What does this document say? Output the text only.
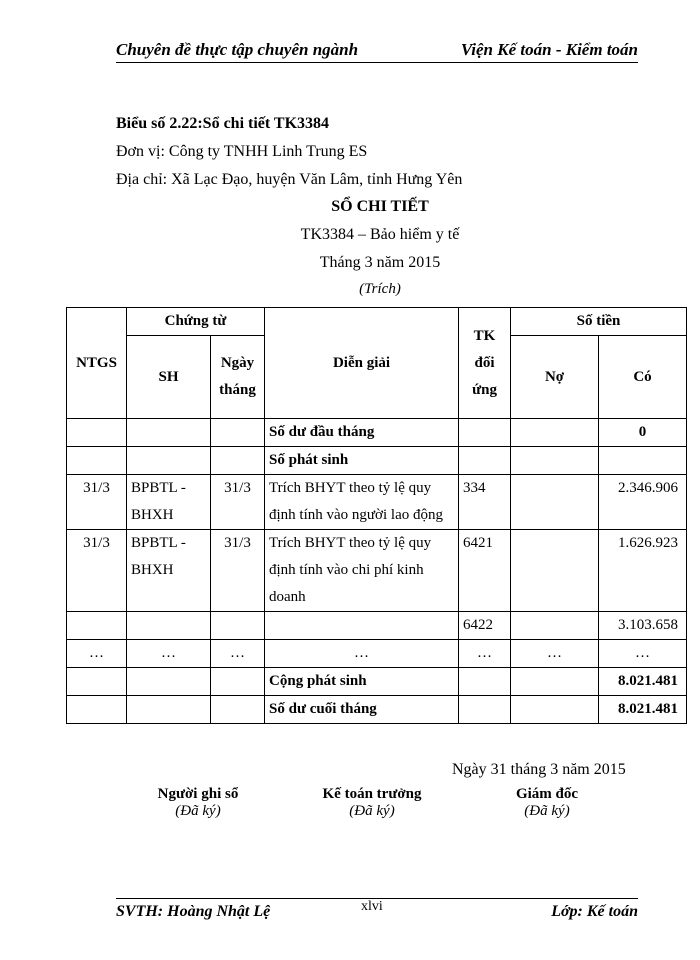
Chuyên đề thực tập chuyên ngành	Viện Kế toán - Kiểm toán
Biểu số 2.22:Sổ chi tiết TK3384
Đơn vị: Công ty TNHH Linh Trung ES
Địa chỉ: Xã Lạc Đạo, huyện Văn Lâm, tỉnh Hưng Yên
SỔ CHI TIẾT
TK3384 – Bảo hiểm y tế
Tháng 3 năm 2015
(Trích)
NTGS	Chứng từ		Diễn giải	TK đối ứng	Số tiền	
	SH	Ngày tháng			Nợ	Có
			Số dư đầu tháng			0
			Số phát sinh			
31/3	BPBTL - BHXH	31/3	Trích BHYT theo tỷ lệ quy định tính vào người lao động	334		2.346.906
31/3	BPBTL - BHXH	31/3	Trích BHYT theo tỷ lệ quy định tính vào chi phí kinh doanh	6421		1.626.923
				6422		3.103.658
…	…	…	…	…	…	…
			Cộng phát sinh			8.021.481
			Số dư cuối tháng			8.021.481
Ngày 31 tháng 3 năm 2015
Người ghi sổ
(Đã ký)
Kế toán trưởng
(Đã ký)
Giám đốc
(Đã ký)
SVTH: Hoàng Nhật Lệ	xlvi	Lớp: Kế toán
